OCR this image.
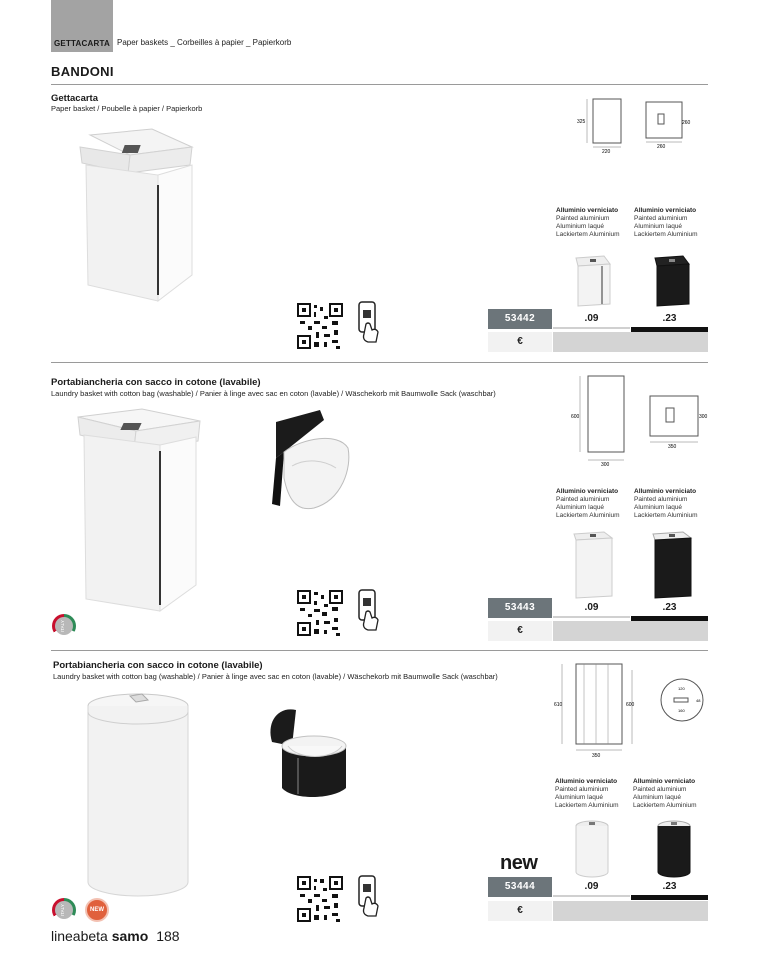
GETTACARTA Paper baskets _ Corbeilles à papier _ Papierkorb
BANDONI
Gettacarta
Paper basket / Poubelle à papier / Papierkorb
325
220
260
260
Alluminio verniciato
Painted aluminium
Aluminium laqué
Lackiertem Aluminium
Alluminio verniciato
Painted aluminium
Aluminium laqué
Lackiertem Aluminium
53442	.09	.23
€
Portabiancheria con sacco in cotone (lavabile)
Laundry basket with cotton bag (washable) / Panier à linge avec sac en coton (lavable) / Wäschekorb mit Baumwolle Sack (waschbar)
600
300
350
300
Alluminio verniciato
Painted aluminium
Aluminium laqué
Lackiertem Aluminium
Alluminio verniciato
Painted aluminium
Aluminium laqué
Lackiertem Aluminium
53443	.09	.23
€
ITALY
Portabiancheria con sacco in cotone (lavabile)
Laundry basket with cotton bag (washable) / Panier à linge avec sac en coton (lavable) / Wäschekorb mit Baumwolle Sack (waschbar)
610	600
350
120
160
48
Alluminio verniciato
Painted aluminium
Aluminium laqué
Lackiertem Aluminium
Alluminio verniciato
Painted aluminium
Aluminium laqué
Lackiertem Aluminium
new
53444	.09	.23
€
ITALY	NEW
lineabeta samo 188
